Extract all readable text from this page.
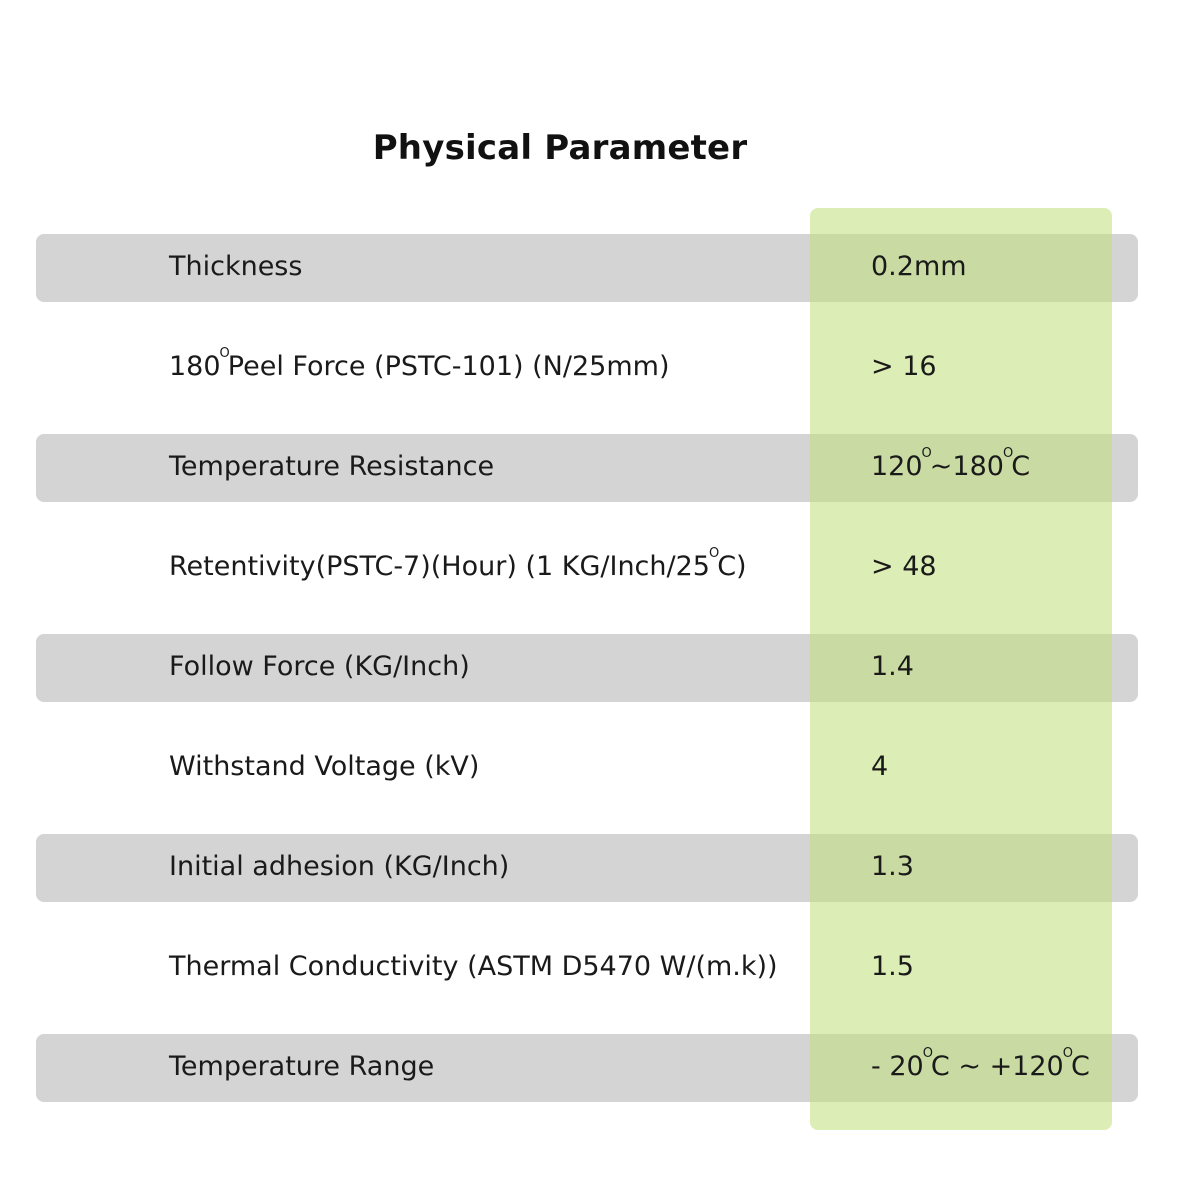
Physical Parameter
Thickness	0.2mm
$180^OPeel$ Force (PSTC-101) (N/25mm)	> 16
Temperature Resistance	$120^O\sim 180^OC$
Retentivity(PSTC-7)(Hour) (1 $KG/Inch/25^OC$)	> 48
Follow Force (KG/Inch)	1.4
Withstand Voltage (kV)	4
Initial adhesion (KG/Inch)	1.3
Thermal Conductivity (ASTM D5470 W/(m.k))	1.5
Temperature Range	- $20^OC$ ~ $+120^OC$
